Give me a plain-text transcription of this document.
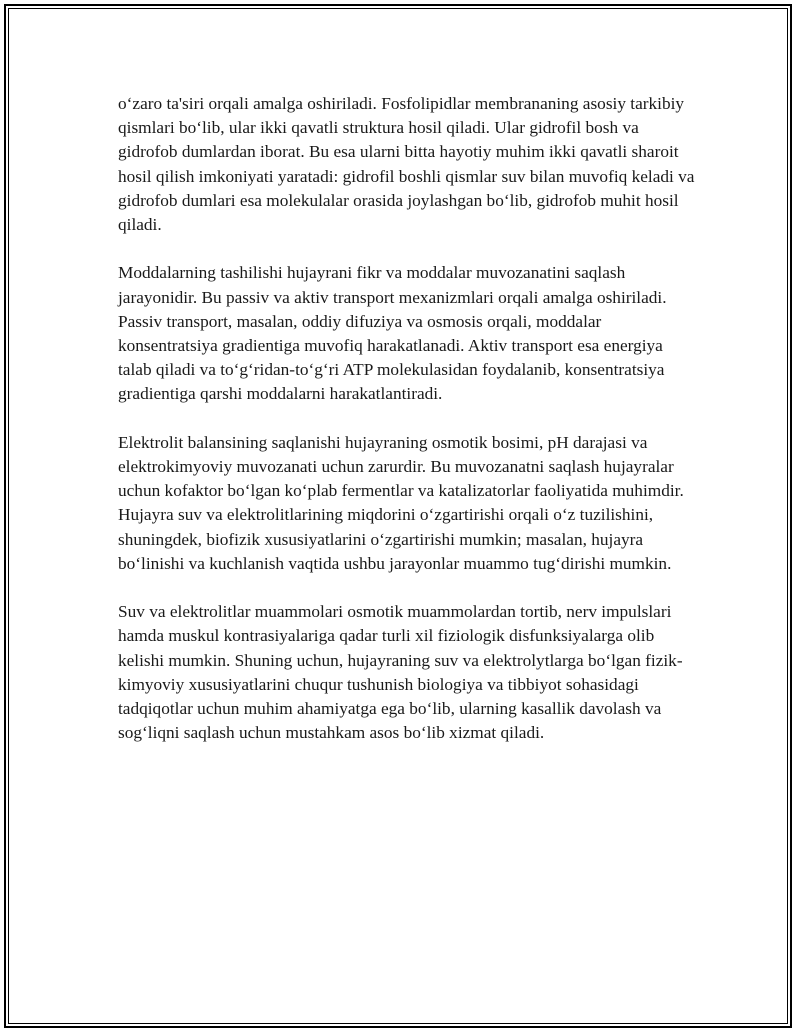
o‘zaro ta'siri orqali amalga oshiriladi. Fosfolipidlar membrananing asosiy tarkibiy qismlari bo‘lib, ular ikki qavatli struktura hosil qiladi. Ular gidrofil bosh va gidrofob dumlardan iborat. Bu esa ularni bitta hayotiy muhim ikki qavatli sharoit hosil qilish imkoniyati yaratadi: gidrofil boshli qismlar suv bilan muvofiq keladi va gidrofob dumlari esa molekulalar orasida joylashgan bo‘lib, gidrofob muhit hosil qiladi.

Moddalarning tashilishi hujayrani fikr va moddalar muvozanatini saqlash jarayonidir. Bu passiv va aktiv transport mexanizmlari orqali amalga oshiriladi. Passiv transport, masalan, oddiy difuziya va osmosis orqali, moddalar konsentratsiya gradientiga muvofiq harakatlanadi. Aktiv transport esa energiya talab qiladi va to‘g‘ridan-to‘g‘ri ATP molekulasidan foydalanib, konsentratsiya gradientiga qarshi moddalarni harakatlantiradi.

Elektrolit balansining saqlanishi hujayraning osmotik bosimi, pH darajasi va elektrokimyoviy muvozanati uchun zarurdir. Bu muvozanatni saqlash hujayralar uchun kofaktor bo‘lgan ko‘plab fermentlar va katalizatorlar faoliyatida muhimdir. Hujayra suv va elektrolitlarining miqdorini o‘zgartirishi orqali o‘z tuzilishini, shuningdek, biofizik xususiyatlarini o‘zgartirishi mumkin; masalan, hujayra bo‘linishi va kuchlanish vaqtida ushbu jarayonlar muammo tug‘dirishi mumkin.

Suv va elektrolitlar muammolari osmotik muammolardan tortib, nerv impulslari hamda muskul kontrasiyalariga qadar turli xil fiziologik disfunksiyalarga olib kelishi mumkin. Shuning uchun, hujayraning suv va elektrolytlarga bo‘lgan fizik-kimyoviy xususiyatlarini chuqur tushunish biologiya va tibbiyot sohasidagi tadqiqotlar uchun muhim ahamiyatga ega bo‘lib, ularning kasallik davolash va sog‘liqni saqlash uchun mustahkam asos bo‘lib xizmat qiladi.
